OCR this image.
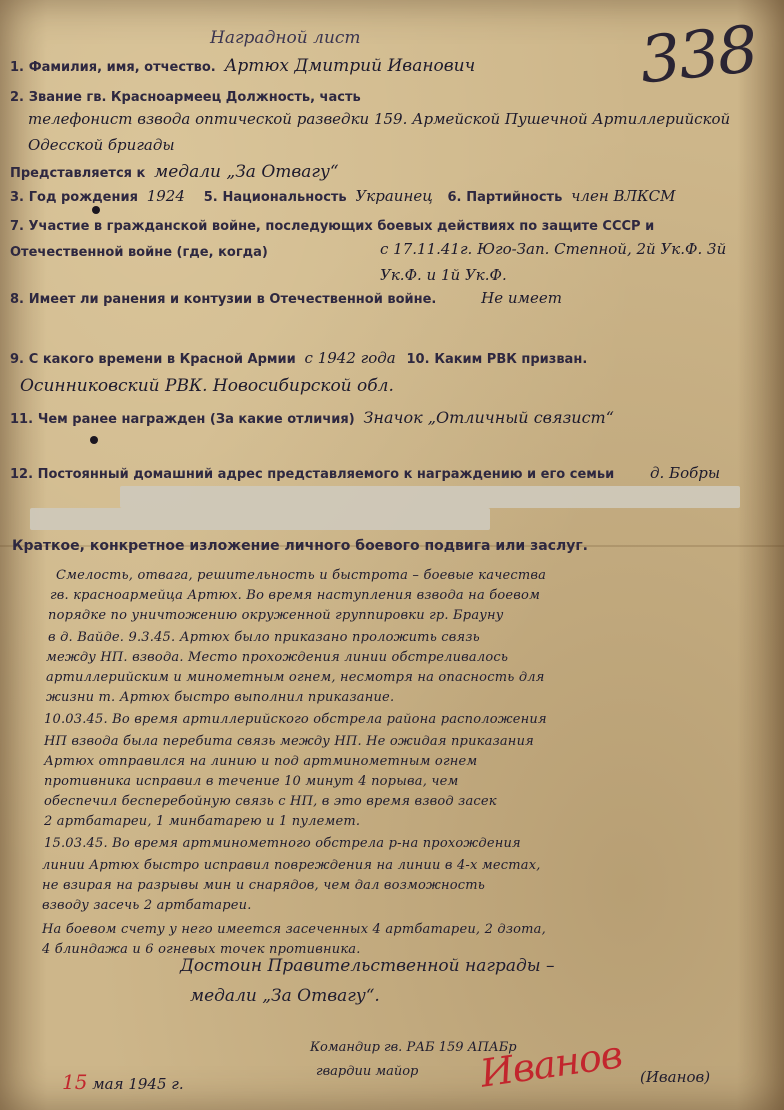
338
Наградной лист
1. Фамилия, имя, отчество. Артюх Дмитрий Иванович
2. Звание гв. Красноармеец Должность, часть
телефонист взвода оптической разведки 159. Армейской Пушечной Артиллерийской Одесской бригады
Представляется к медали „За Отвагу“
3. Год рождения 1924 5. Национальность Украинец 6. Партийность член ВЛКСМ
7. Участие в гражданской войне, последующих боевых действиях по защите СССР и Отечественной войне (где, когда)	с 17.11.41г. Юго-Зап. Степной, 2й Ук.Ф. 3й Ук.Ф. и 1й Ук.Ф.
8. Имеет ли ранения и контузии в Отечественной войне.	Не имеет
9. С какого времени в Красной Армии с 1942 года 10. Каким РВК призван.
Осинниковский РВК. Новосибирской обл.
11. Чем ранее награжден (За какие отличия) Значок „Отличный связист“
12. Постоянный домашний адрес представляемого к награждению и его семьи	д. Бобры
Краткое, конкретное изложение личного боевого подвига или заслуг.
Смелость, отвага, решительность и быстрота – боевые качества
гв. красноармейца Артюх. Во время наступления взвода на боевом
порядке по уничтожению окруженной группировки гр. Брауну
в д. Вайде. 9.3.45. Артюх было приказано проложить связь
между НП. взвода. Место прохождения линии обстреливалось
артиллерийским и минометным огнем, несмотря на опасность для
жизни т. Артюх быстро выполнил приказание.
10.03.45. Во время артиллерийского обстрела района расположения
НП взвода была перебита связь между НП. Не ожидая приказания
Артюх отправился на линию и под артминометным огнем
противника исправил в течение 10 минут 4 порыва, чем
обеспечил бесперебойную связь с НП, в это время взвод засек
2 артбатареи, 1 минбатарею и 1 пулемет.
15.03.45. Во время артминометного обстрела р-на прохождения
линии Артюх быстро исправил повреждения на линии в 4-х местах,
не взирая на разрывы мин и снарядов, чем дал возможность
взводу засечь 2 артбатареи.
На боевом счету у него имеется засеченных 4 артбатареи, 2 дзота,
4 блиндажа и 6 огневых точек противника.
Достоин Правительственной награды –
медали „За Отвагу“.
Командир гв. РАБ 159 АПАБр
гвардии майор Иванов (Иванов)
15 мая 1945 г.
